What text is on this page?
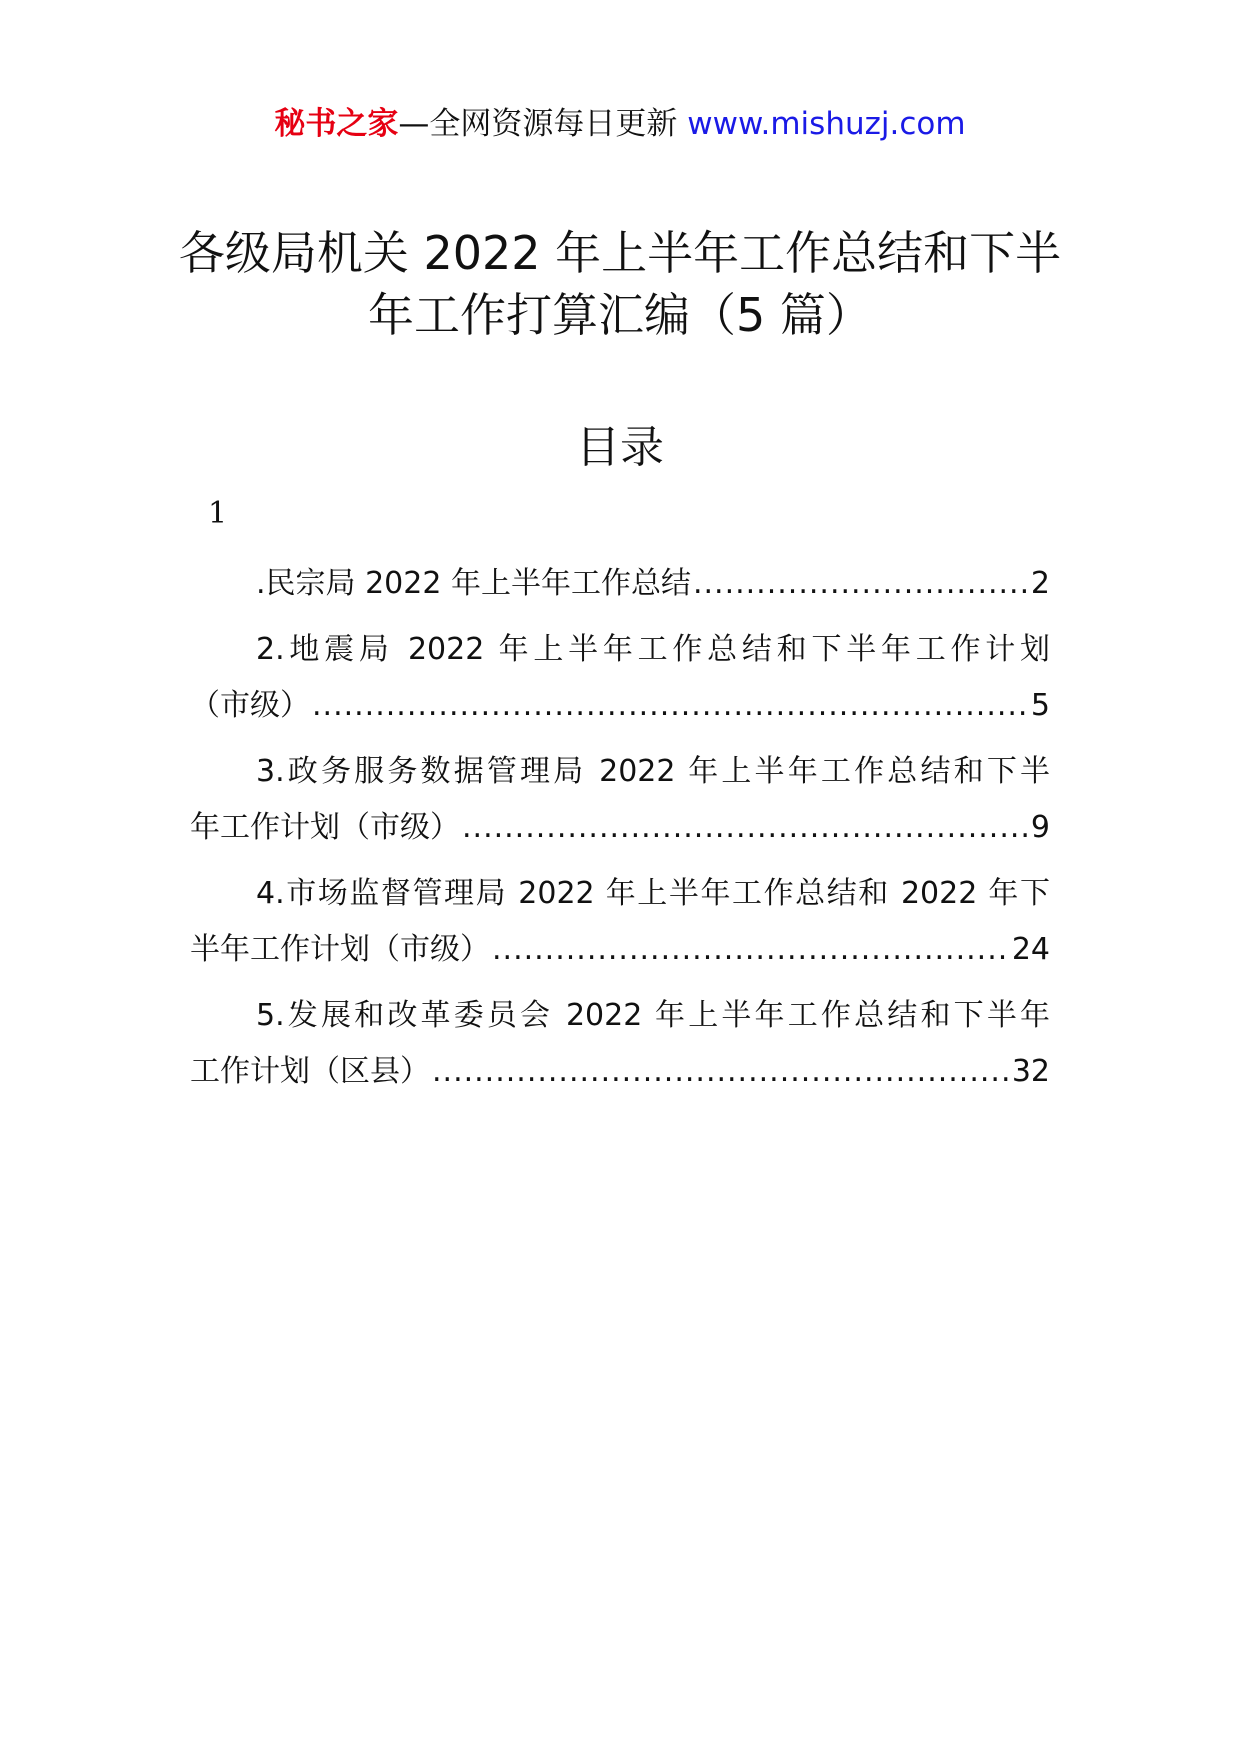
秘书之家—全网资源每日更新 www.mishuzj.com
各级局机关 2022 年上半年工作总结和下半
年工作打算汇编（5 篇）
目录
1
.民宗局 2022 年上半年工作总结 .....	2
2.地震局 2022 年上半年工作总结和下半年工作计划
（市级） .....	5
3.政务服务数据管理局 2022 年上半年工作总结和下半
年工作计划（市级） .....	9
4.市场监督管理局 2022 年上半年工作总结和 2022 年下
半年工作计划（市级） .....	24
5.发展和改革委员会 2022 年上半年工作总结和下半年
工作计划（区县） .....	32
